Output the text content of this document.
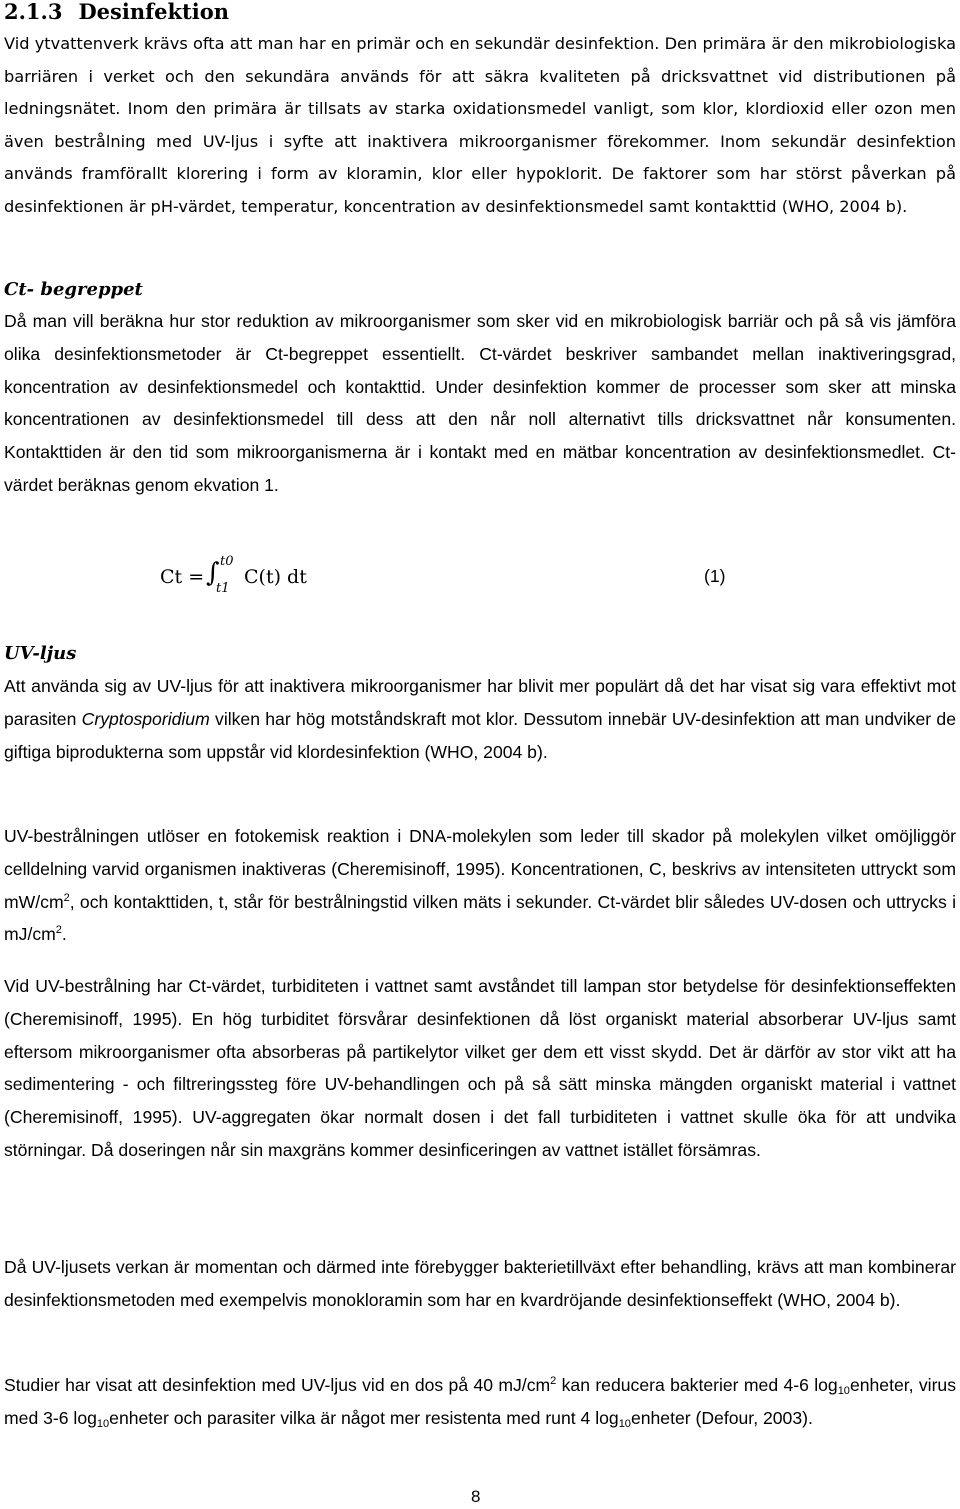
2.1.3 Desinfektion

Vid ytvattenverk krävs ofta att man har en primär och en sekundär desinfektion. Den primära är den mikrobiologiska barriären i verket och den sekundära används för att säkra kvaliteten på dricksvattnet vid distributionen på ledningsnätet. Inom den primära är tillsats av starka oxidationsmedel vanligt, som klor, klordioxid eller ozon men även bestrålning med UV-ljus i syfte att inaktivera mikroorganismer förekommer. Inom sekundär desinfektion används framförallt klorering i form av kloramin, klor eller hypoklorit. De faktorer som har störst påverkan på desinfektionen är pH-värdet, temperatur, koncentration av desinfektionsmedel samt kontakttid (WHO, 2004 b).

Ct- begreppet

Då man vill beräkna hur stor reduktion av mikroorganismer som sker vid en mikrobiologisk barriär och på så vis jämföra olika desinfektionsmetoder är Ct-begreppet essentiellt. Ct-värdet beskriver sambandet mellan inaktiveringsgrad, koncentration av desinfektionsmedel och kontakttid. Under desinfektion kommer de processer som sker att minska koncentrationen av desinfektionsmedel till dess att den når noll alternativt tills dricksvattnet når konsumenten. Kontakttiden är den tid som mikroorganismerna är i kontakt med en mätbar koncentration av desinfektionsmedlet. Ct-värdet beräknas genom ekvation 1.

Ct = ∫ t0
t1
C(t) dt	(1)
UV-ljus

Att använda sig av UV-ljus för att inaktivera mikroorganismer har blivit mer populärt då det har visat sig vara effektivt mot parasiten Cryptosporidium vilken har hög motståndskraft mot klor. Dessutom innebär UV-desinfektion att man undviker de giftiga biprodukterna som uppstår vid klordesinfektion (WHO, 2004 b).

UV-bestrålningen utlöser en fotokemisk reaktion i DNA-molekylen som leder till skador på molekylen vilket omöjliggör celldelning varvid organismen inaktiveras (Cheremisinoff, 1995). Koncentrationen, C, beskrivs av intensiteten uttryckt som $mW/cm^2$, och kontakttiden, t, står för bestrålningstid vilken mäts i sekunder. Ct-värdet blir således UV-dosen och uttrycks i $mJ/cm^2$.

Vid UV-bestrålning har Ct-värdet, turbiditeten i vattnet samt avståndet till lampan stor betydelse för desinfektionseffekten (Cheremisinoff, 1995). En hög turbiditet försvårar desinfektionen då löst organiskt material absorberar UV-ljus samt eftersom mikroorganismer ofta absorberas på partikelytor vilket ger dem ett visst skydd. Det är därför av stor vikt att ha sedimentering - och filtreringssteg före UV-behandlingen och på så sätt minska mängden organiskt material i vattnet (Cheremisinoff, 1995). UV-aggregaten ökar normalt dosen i det fall turbiditeten i vattnet skulle öka för att undvika störningar. Då doseringen når sin maxgräns kommer desinficeringen av vattnet istället försämras.

Då UV-ljusets verkan är momentan och därmed inte förebygger bakterietillväxt efter behandling, krävs att man kombinerar desinfektionsmetoden med exempelvis monokloramin som har en kvardröjande desinfektionseffekt (WHO, 2004 b).

Studier har visat att desinfektion med UV-ljus vid en dos på 40 $mJ/cm^2$ kan reducera bakterier med 4-6 $\log_{10}enheter$, virus med 3-6 $\log_{10}enheter$ och parasiter vilka är något mer resistenta med runt 4 $\log_{10}enheter$ (Defour, 2003).

8
